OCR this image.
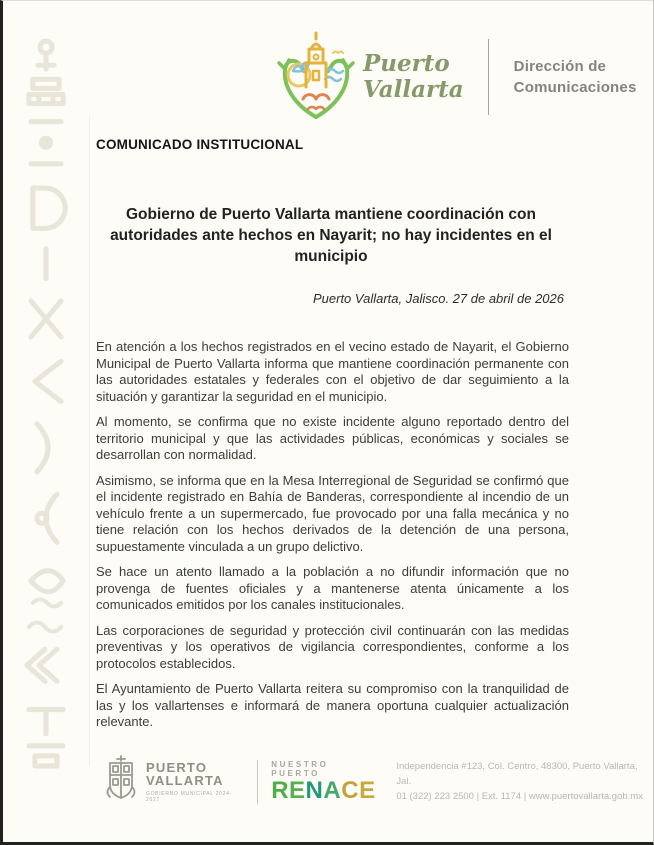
Puerto
Vallarta
Dirección de
Comunicaciones
COMUNICADO INSTITUCIONAL
Gobierno de Puerto Vallarta mantiene coordinación con autoridades ante hechos en Nayarit; no hay incidentes en el municipio
Puerto Vallarta, Jalisco. 27 de abril de 2026

En atención a los hechos registrados en el vecino estado de Nayarit, el Gobierno Municipal de Puerto Vallarta informa que mantiene coordinación permanente con las autoridades estatales y federales con el objetivo de dar seguimiento a la situación y garantizar la seguridad en el municipio.

Al momento, se confirma que no existe incidente alguno reportado dentro del territorio municipal y que las actividades públicas, económicas y sociales se desarrollan con normalidad.

Asimismo, se informa que en la Mesa Interregional de Seguridad se confirmó que el incidente registrado en Bahía de Banderas, correspondiente al incendio de un vehículo frente a un supermercado, fue provocado por una falla mecánica y no tiene relación con los hechos derivados de la detención de una persona, supuestamente vinculada a un grupo delictivo.

Se hace un atento llamado a la población a no difundir información que no provenga de fuentes oficiales y a mantenerse atenta únicamente a los comunicados emitidos por los canales institucionales.

Las corporaciones de seguridad y protección civil continuarán con las medidas preventivas y los operativos de vigilancia correspondientes, conforme a los protocolos establecidos.

El Ayuntamiento de Puerto Vallarta reitera su compromiso con la tranquilidad de las y los vallartenses e informará de manera oportuna cualquier actualización relevante.

PUERTO
VALLARTA
GOBIERNO MUNICIPAL 2024-2027
NUESTRO PUERTO
RENACE
Independencia #123, Col. Centro, 48300, Puerto Vallarta, Jal.
01 (322) 223 2500 | Ext. 1174 | www.puertovallarta.gob.mx
